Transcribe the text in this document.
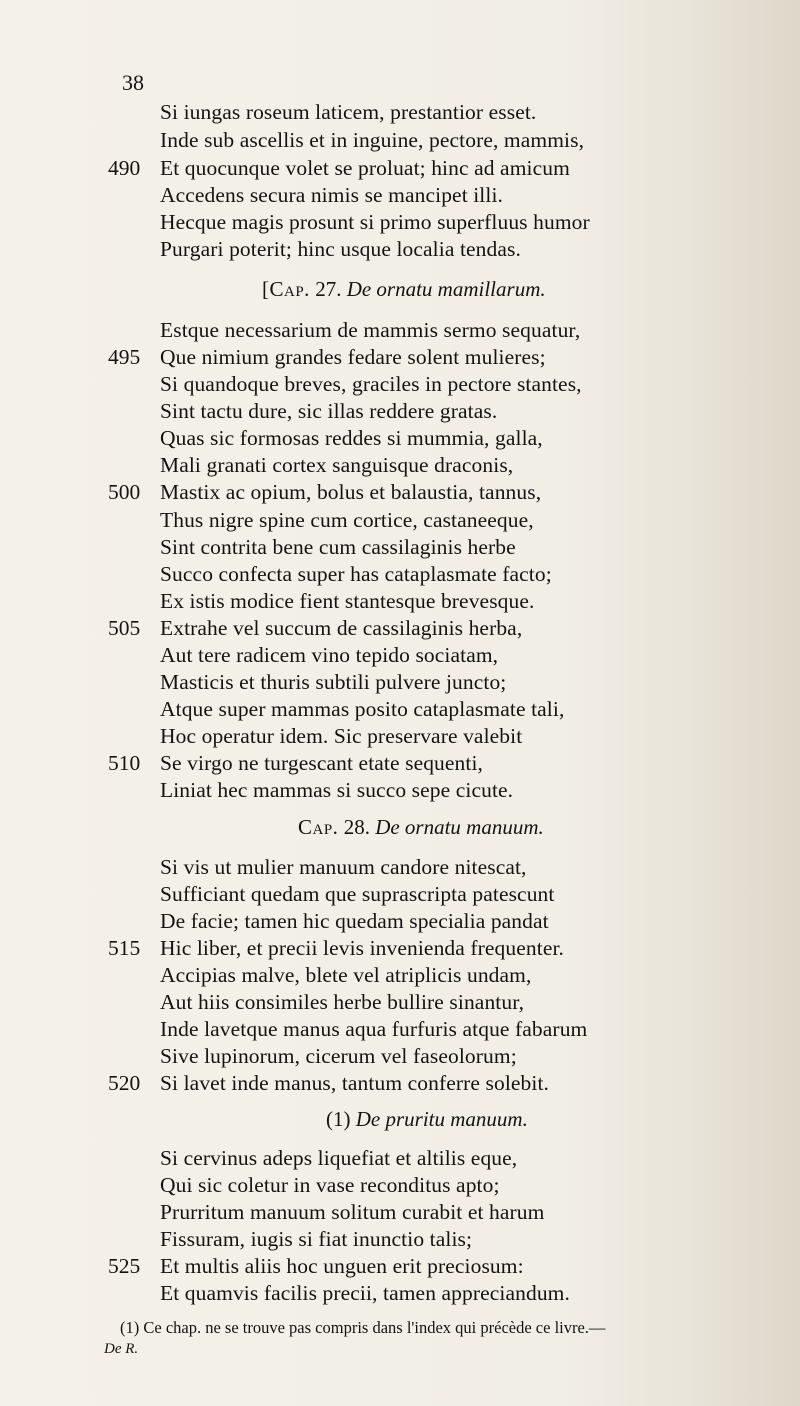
38
Si iungas roseum laticem, prestantior esset.
Inde sub ascellis et in inguine, pectore, mammis,
490 Et quocunque volet se proluat; hinc ad amicum
Accedens secura nimis se mancipet illi.
Hecque magis prosunt si primo superfluus humor
Purgari poterit; hinc usque localia tendas.
[Cap. 27. De ornatu mamillarum.
Estque necessarium de mammis sermo sequatur,
495 Que nimium grandes fedare solent mulieres;
Si quandoque breves, graciles in pectore stantes,
Sint tactu dure, sic illas reddere gratas.
Quas sic formosas reddes si mummia, galla,
Mali granati cortex sanguisque draconis,
500 Mastix ac opium, bolus et balaustia, tannus,
Thus nigre spine cum cortice, castaneeque,
Sint contrita bene cum cassilaginis herbe
Succo confecta super has cataplasmate facto;
Ex istis modice fient stantesque brevesque.
505 Extrahe vel succum de cassilaginis herba,
Aut tere radicem vino tepido sociatam,
Masticis et thuris subtili pulvere juncto;
Atque super mammas posito cataplasmate tali,
Hoc operatur idem. Sic preservare valebit
510 Se virgo ne turgescant etate sequenti,
Liniat hec mammas si succo sepe cicute.
Cap. 28. De ornatu manuum.
Si vis ut mulier manuum candore nitescat,
Sufficiant quedam que suprascripta patescunt
De facie; tamen hic quedam specialia pandat
515 Hic liber, et precii levis invenienda frequenter.
Accipias malve, blete vel atriplicis undam,
Aut hiis consimiles herbe bullire sinantur,
Inde lavetque manus aqua furfuris atque fabarum
Sive lupinorum, cicerum vel faseolorum;
520 Si lavet inde manus, tantum conferre solebit.
(1) De pruritu manuum.
Si cervinus adeps liquefiat et altilis eque,
Qui sic coletur in vase reconditus apto;
Prurritum manuum solitum curabit et harum
Fissuram, iugis si fiat inunctio talis;
525 Et multis aliis hoc unguen erit preciosum:
Et quamvis facilis precii, tamen appreciandum.
(1) Ce chap. ne se trouve pas compris dans l'index qui précède ce livre.—
De R.
